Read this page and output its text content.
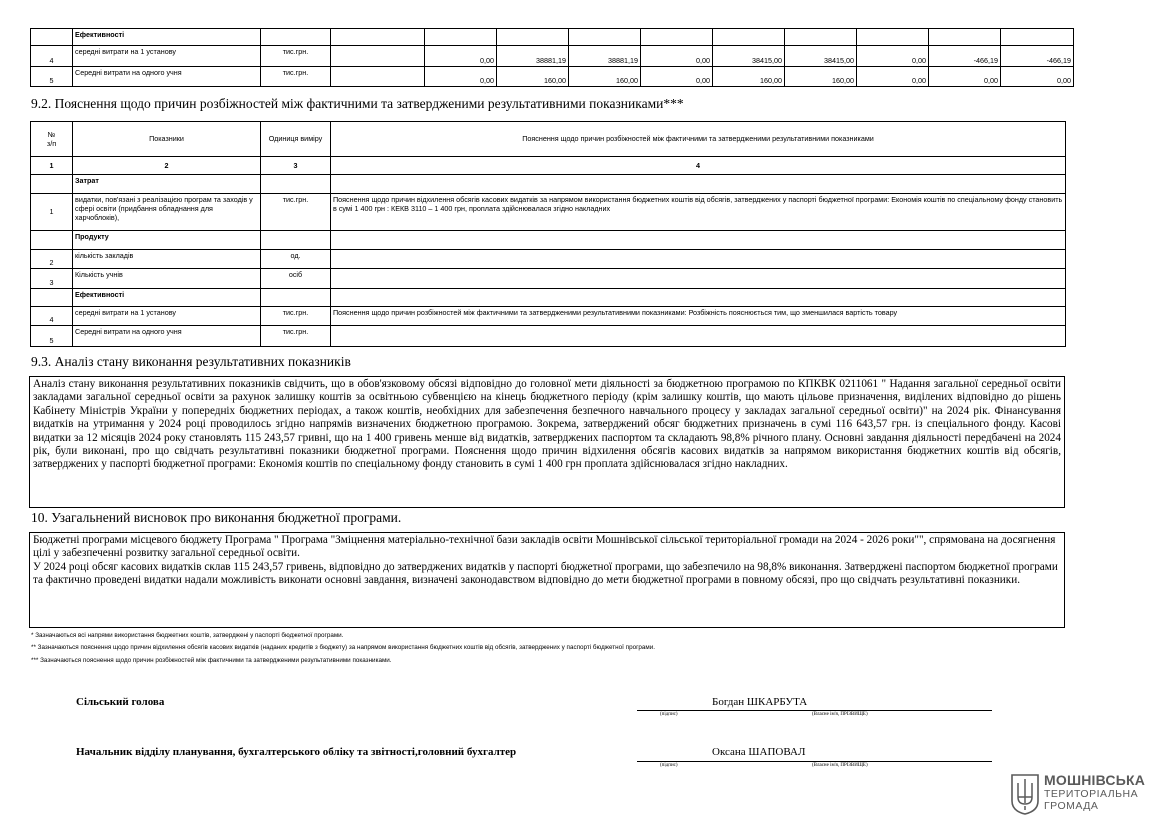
	Ефективності											
4	середні витрати на 1 установу	тис.грн.		0,00	38881,19	38881,19	0,00	38415,00	38415,00	0,00	-466,19	-466,19
5	Середні витрати на одного учня	тис.грн.		0,00	160,00	160,00	0,00	160,00	160,00	0,00	0,00	0,00
9.2. Пояснення щодо причин розбіжностей між фактичними та затвердженими результативними показниками***
№
з/п	Показники	Одиниця виміру	Пояснення щодо причин розбіжностей між фактичними та затвердженими результативними показниками
1	2	3	4
	Затрат		
1	видатки, пов'язані з реалізацією програм та заходів у сфері освіти (придбання обладнання для харчоблоків),	тис.грн.	Пояснення щодо причин відхилення обсягів касових видатків за напрямом використання бюджетних коштів від обсягів, затверджених у паспорті бюджетної програми: Економія коштів по спеціальному фонду становить в сумі 1 400 грн : КЕКВ 3110 – 1 400 грн, проплата здійснювалася згідно накладних
	Продукту		
2	кількість закладів	од.	
3	Кількість учнів	осіб	
	Ефективності		
4	середні витрати на 1 установу	тис.грн.	Пояснення щодо причин розбіжностей між фактичними та затвердженими результативними показниками: Розбіжність пояснюється тим, що зменшилася вартість товару
5	Середні витрати на одного учня	тис.грн.	
9.3. Аналіз стану виконання результативних показників

Аналіз стану виконання результативних показників свідчить, що в обов'язковому обсязі відповідно до головної мети діяльності за бюджетною програмою по КПКВК 0211061 " Надання загальної середньої освіти закладами загальної середньої освіти за рахунок залишку коштів за освітньою субвенцією на кінець бюджетного періоду (крім залишку коштів, що мають цільове призначення, виділених відповідно до рішень Кабінету Міністрів України у попередніх бюджетних періодах, а також коштів, необхідних для забезпечення безпечного навчального процесу у закладах загальної середньої освіти)" на 2024 рік. Фінансування видатків на утримання у 2024 році проводилось згідно напрямів визначених бюджетною програмою. Зокрема, затверджений обсяг бюджетних призначень в сумі 116 643,57 грн. із спеціального фонду. Касові видатки за 12 місяців 2024 року становлять 115 243,57 гривні, що на 1 400 гривень менше від видатків, затверджених паспортом та складають 98,8% річного плану. Основні завдання діяльності передбачені на 2024 рік, були виконані, про що свідчать результативні показники бюджетної програми. Пояснення щодо причин відхилення обсягів касових видатків за напрямом використання бюджетних коштів від обсягів, затверджених у паспорті бюджетної програми: Економія коштів по спеціальному фонду становить в сумі 1 400 грн проплата здійснювалася згідно накладних.

10. Узагальнений висновок про виконання бюджетної програми.

Бюджетні програми місцевого бюджету Програма " Програма "Зміцнення матеріально-технічної бази закладів освіти Мошнівської сільської територіальної громади на 2024 - 2026 роки"", спрямована на досягнення цілі у забезпеченні розвитку загальної середньої освіти.

У 2024 році обсяг касових видатків склав 115 243,57 гривень, відповідно до затверджених видатків у паспорті бюджетної програми, що забезпечило на 98,8% виконання. Затверджені паспортом бюджетної програми та фактично проведені видатки надали можливість виконати основні завдання, визначені законодавством відповідно до мети бюджетної програми в повному обсязі, про що свідчать результативні показники.

* Зазначаються всі напрями використання бюджетних коштів, затверджені у паспорті бюджетної програми.
** Зазначаються пояснення щодо причин відхилення обсягів касових видатків (наданих кредитів з бюджету) за напрямом використання бюджетних коштів від обсягів, затверджених у паспорті бюджетної програми.
*** Зазначаються пояснення щодо причин розбіжностей між фактичними та затвердженими результативними показниками.
Сільський голова	Богдан ШКАРБУТА
(підпис)	(Власне ім'я, ПРІЗВИЩЕ)
Начальник відділу планування, бухгалтерського обліку та звітності,головний бухгалтер	Оксана ШАПОВАЛ
(підпис)	(Власне ім'я, ПРІЗВИЩЕ)
МОШНІВСЬКА
ТЕРИТОРІАЛЬНА
ГРОМАДА
